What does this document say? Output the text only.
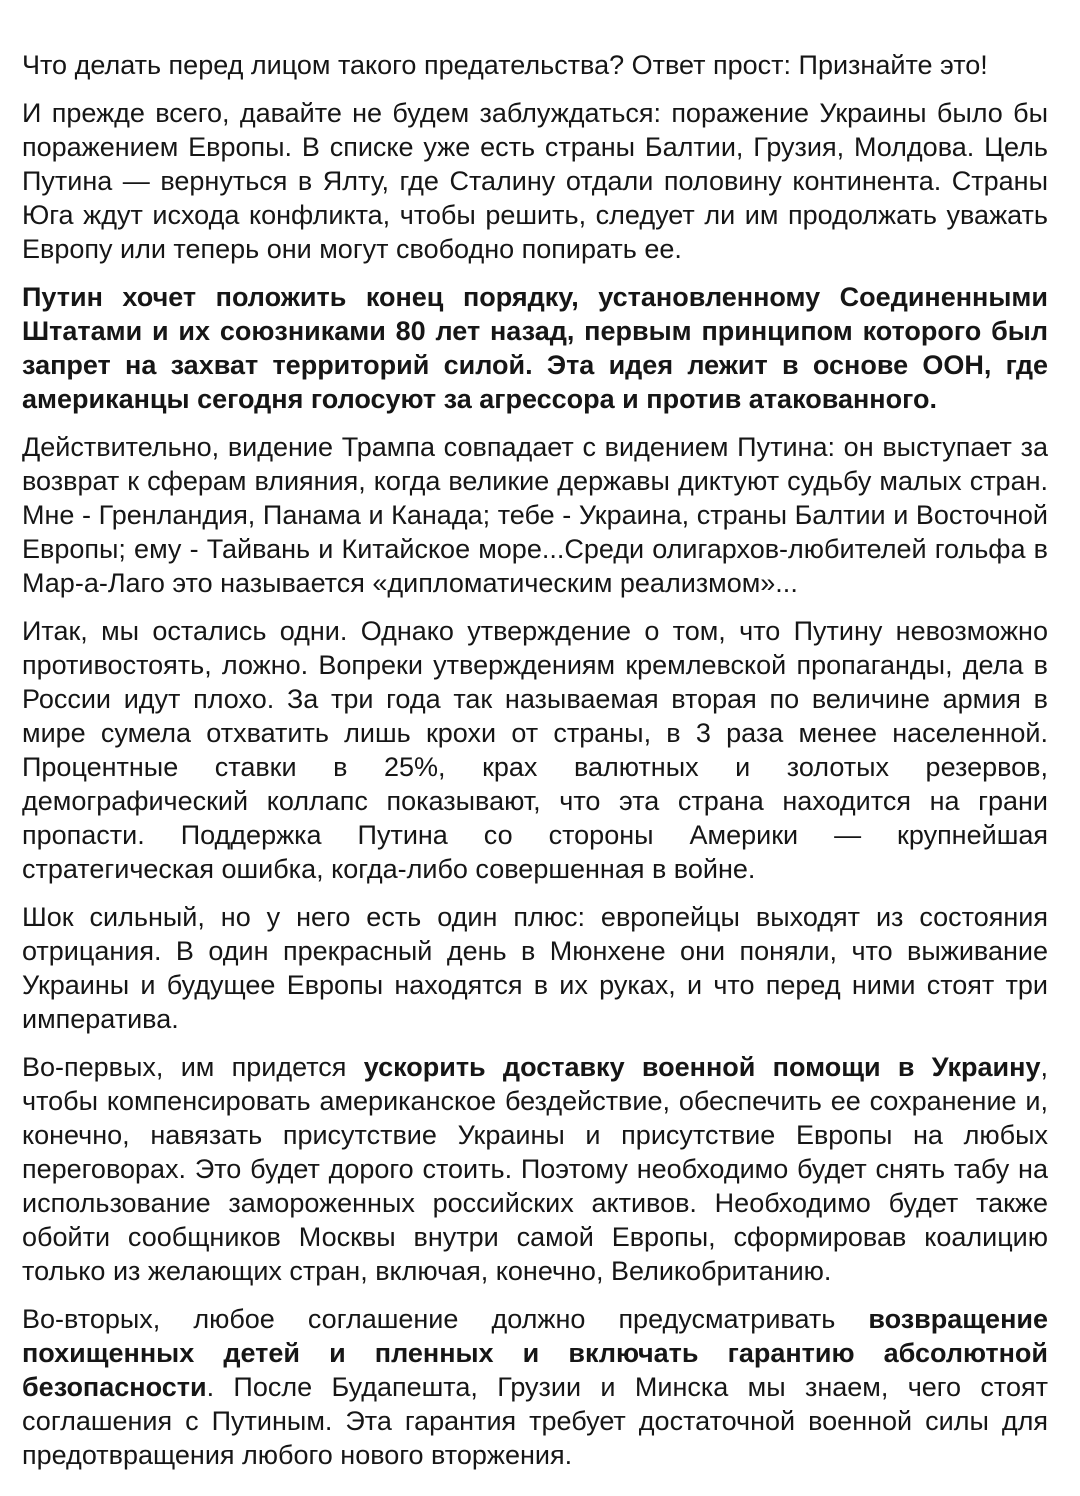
Что делать перед лицом такого предательства? Ответ прост: Признайте это!

И прежде всего, давайте не будем заблуждаться: поражение Украины было бы поражением Европы. В списке уже есть страны Балтии, Грузия, Молдова. Цель Путина — вернуться в Ялту, где Сталину отдали половину континента. Страны Юга ждут исхода конфликта, чтобы решить, следует ли им продолжать уважать Европу или теперь они могут свободно попирать ее.

Путин хочет положить конец порядку, установленному Соединенными Штатами и их союзниками 80 лет назад, первым принципом которого был запрет на захват территорий силой. Эта идея лежит в основе ООН, где американцы сегодня голосуют за агрессора и против атакованного.

Действительно, видение Трампа совпадает с видением Путина: он выступает за возврат к сферам влияния, когда великие державы диктуют судьбу малых стран. Мне - Гренландия, Панама и Канада; тебе - Украина, страны Балтии и Восточной Европы; ему - Тайвань и Китайское море...Среди олигархов-любителей гольфа в Мар-а-Лаго это называется «дипломатическим реализмом»...

Итак, мы остались одни. Однако утверждение о том, что Путину невозможно противостоять, ложно. Вопреки утверждениям кремлевской пропаганды, дела в России идут плохо. За три года так называемая вторая по величине армия в мире сумела отхватить лишь крохи от страны, в 3 раза менее населенной. Процентные ставки в 25%, крах валютных и золотых резервов, демографический коллапс показывают, что эта страна находится на грани пропасти. Поддержка Путина со стороны Америки — крупнейшая стратегическая ошибка, когда-либо совершенная в войне.

Шок сильный, но у него есть один плюс: европейцы выходят из состояния отрицания. В один прекрасный день в Мюнхене они поняли, что выживание Украины и будущее Европы находятся в их руках, и что перед ними стоят три императива.

Во-первых, им придется ускорить доставку военной помощи в Украину, чтобы компенсировать американское бездействие, обеспечить ее сохранение и, конечно, навязать присутствие Украины и присутствие Европы на любых переговорах. Это будет дорого стоить. Поэтому необходимо будет снять табу на использование замороженных российских активов. Необходимо будет также обойти сообщников Москвы внутри самой Европы, сформировав коалицию только из желающих стран, включая, конечно, Великобританию.

Во-вторых, любое соглашение должно предусматривать возвращение похищенных детей и пленных и включать гарантию абсолютной безопасности. После Будапешта, Грузии и Минска мы знаем, чего стоят соглашения с Путиным. Эта гарантия требует достаточной военной силы для предотвращения любого нового вторжения.
